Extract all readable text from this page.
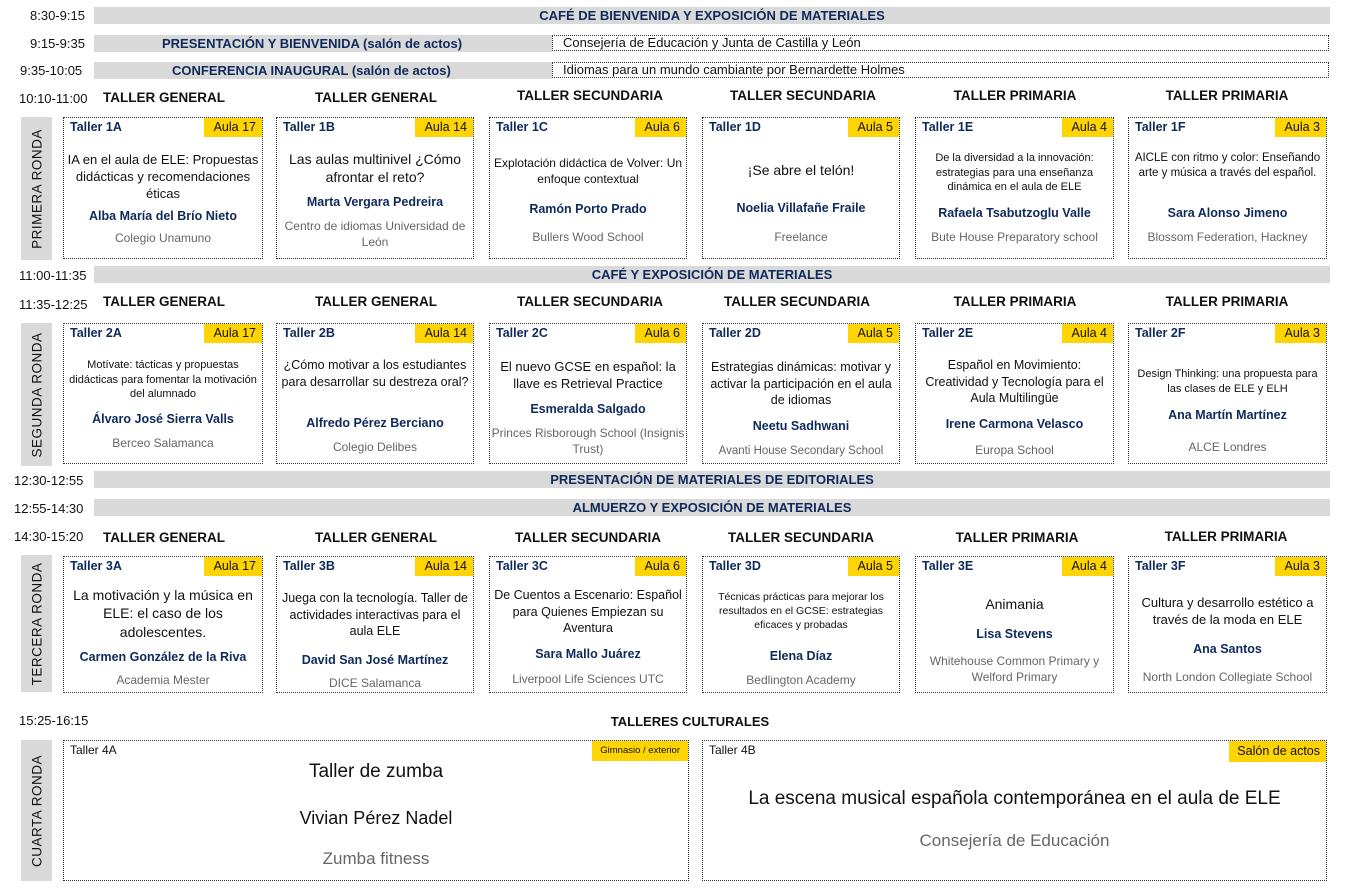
8:30-9:15	CAFÉ DE BIENVENIDA Y EXPOSICIÓN DE MATERIALES
9:15-9:35	PRESENTACIÓN Y BIENVENIDA (salón de actos)	Consejería de Educación y Junta de Castilla y León
9:35-10:05	CONFERENCIA INAUGURAL (salón de actos)	Idiomas para un mundo cambiante por Bernardette Holmes
10:10-11:00	TALLER GENERAL	TALLER GENERAL	TALLER SECUNDARIA	TALLER SECUNDARIA	TALLER PRIMARIA	TALLER PRIMARIA
PRIMERA RONDA
Taller 1A	Aula 17
IA en el aula de ELE: Propuestas didácticas y recomendaciones éticas
Alba María del Brío Nieto
Colegio Unamuno
Taller 1B	Aula 14
Las aulas multinivel ¿Cómo afrontar el reto?
Marta Vergara Pedreira
Centro de idiomas Universidad de León
Taller 1C	Aula 6
Explotación didáctica de Volver: Un enfoque contextual
Ramón Porto Prado
Bullers Wood School
Taller 1D	Aula 5
¡Se abre el telón!
Noelia Villafañe Fraile
Freelance
Taller 1E	Aula 4
De la diversidad a la innovación: estrategias para una enseñanza dinámica en el aula de ELE
Rafaela Tsabutzoglu Valle
Bute House Preparatory school
Taller 1F	Aula 3
AICLE con ritmo y color: Enseñando arte y música a través del español.
Sara Alonso Jimeno
Blossom Federation, Hackney
11:00-11:35	CAFÉ Y EXPOSICIÓN DE MATERIALES
11:35-12:25	TALLER GENERAL	TALLER GENERAL	TALLER SECUNDARIA	TALLER SECUNDARIA	TALLER PRIMARIA	TALLER PRIMARIA
SEGUNDA RONDA Taller 2A	Aula 17
Motívate: tácticas y propuestas didácticas para fomentar la motivación del alumnado
Álvaro José Sierra Valls
Berceo Salamanca
Taller 2B	Aula 14
¿Cómo motivar a los estudiantes para desarrollar su destreza oral?
Alfredo Pérez Berciano
Colegio Delibes
Taller 2C	Aula 6
El nuevo GCSE en español: la llave es Retrieval Practice
Esmeralda Salgado
Princes Risborough School (Insignis Trust)
Taller 2D	Aula 5
Estrategias dinámicas: motivar y activar la participación en el aula de idiomas
Neetu Sadhwani
Avanti House Secondary School
Taller 2E	Aula 4
Español en Movimiento: Creatividad y Tecnología para el Aula Multilingüe
Irene Carmona Velasco
Europa School
Taller 2F	Aula 3
Design Thinking: una propuesta para las clases de ELE y ELH
Ana Martín Martínez
ALCE Londres
12:30-12:55	PRESENTACIÓN DE MATERIALES DE EDITORIALES
12:55-14:30	ALMUERZO Y EXPOSICIÓN DE MATERIALES
14:30-15:20	TALLER GENERAL	TALLER GENERAL	TALLER SECUNDARIA	TALLER SECUNDARIA	TALLER PRIMARIA	TALLER PRIMARIA
TERCERA RONDA Taller 3A	Aula 17
La motivación y la música en ELE: el caso de los adolescentes.
Carmen González de la Riva
Academia Mester
Taller 3B	Aula 14
Juega con la tecnología. Taller de actividades interactivas para el aula ELE
David San José Martínez
DICE Salamanca
Taller 3C	Aula 6
De Cuentos a Escenario: Español para Quienes Empiezan su Aventura
Sara Mallo Juárez
Liverpool Life Sciences UTC
Taller 3D	Aula 5
Técnicas prácticas para mejorar los resultados en el GCSE: estrategias eficaces y probadas
Elena Díaz
Bedlington Academy
Taller 3E	Aula 4
Animania
Lisa Stevens
Whitehouse Common Primary y Welford Primary
Taller 3F	Aula 3
Cultura y desarrollo estético a través de la moda en ELE
Ana Santos
North London Collegiate School
15:25-16:15	TALLERES CULTURALES
CUARTA RONDA
Taller 4A	Gimnasio / exterior
Taller de zumba
Vivian Pérez Nadel
Zumba fitness
Taller 4B	Salón de actos
La escena musical española contemporánea en el aula de ELE
Consejería de Educación
